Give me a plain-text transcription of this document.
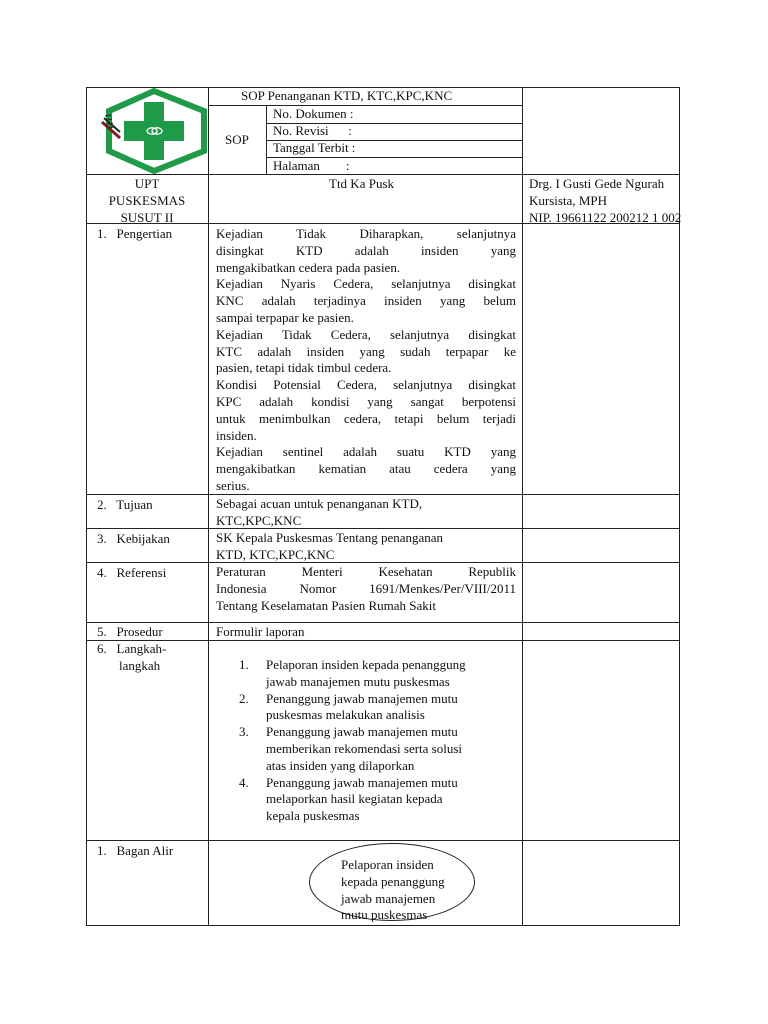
SOP Penanganan KTD, KTC,KPC,KNC
SOP
No. Dokumen :
No. Revisi      :
Tanggal Terbit :
Halaman        :
UPT
PUSKESMAS
SUSUT II
Ttd Ka Pusk	Drg. I Gusti Gede Ngurah
Kursista, MPH
NIP. 19661122 200212 1 002
1.   Pengertian	Kejadian Tidak Diharapkan, selanjutnya
disingkat KTD adalah insiden yang
mengakibatkan cedera pada pasien.
Kejadian Nyaris Cedera, selanjutnya disingkat
KNC adalah terjadinya insiden yang belum
sampai terpapar ke pasien.
Kejadian Tidak Cedera, selanjutnya disingkat
KTC adalah insiden yang sudah terpapar ke
pasien, tetapi tidak timbul cedera.
Kondisi Potensial Cedera, selanjutnya disingkat
KPC adalah kondisi yang sangat berpotensi
untuk menimbulkan cedera, tetapi belum terjadi
insiden.
Kejadian sentinel adalah suatu KTD yang
mengakibatkan kematian atau cedera yang
serius.
2.   Tujuan	Sebagai acuan untuk penanganan KTD,
KTC,KPC,KNC
3.   Kebijakan	SK Kepala Puskesmas Tentang penanganan
KTD, KTC,KPC,KNC
4.   Referensi	Peraturan Menteri Kesehatan Republik
Indonesia Nomor 1691/Menkes/Per/VIII/2011
Tentang Keselamatan Pasien Rumah Sakit
5.   Prosedur	Formulir laporan
6.   Langkah-
langkah	1. Pelaporan insiden kepada penanggung
jawab manajemen mutu puskesmas
2. Penanggung jawab manajemen mutu
puskesmas melakukan analisis
3. Penanggung jawab manajemen mutu
memberikan rekomendasi serta solusi
atas insiden yang dilaporkan
4. Penanggung jawab manajemen mutu
melaporkan hasil kegiatan kepada
kepala puskesmas
1.   Bagan Alir
Pelaporan insiden
kepada penanggung
jawab manajemen
mutu puskesmas
